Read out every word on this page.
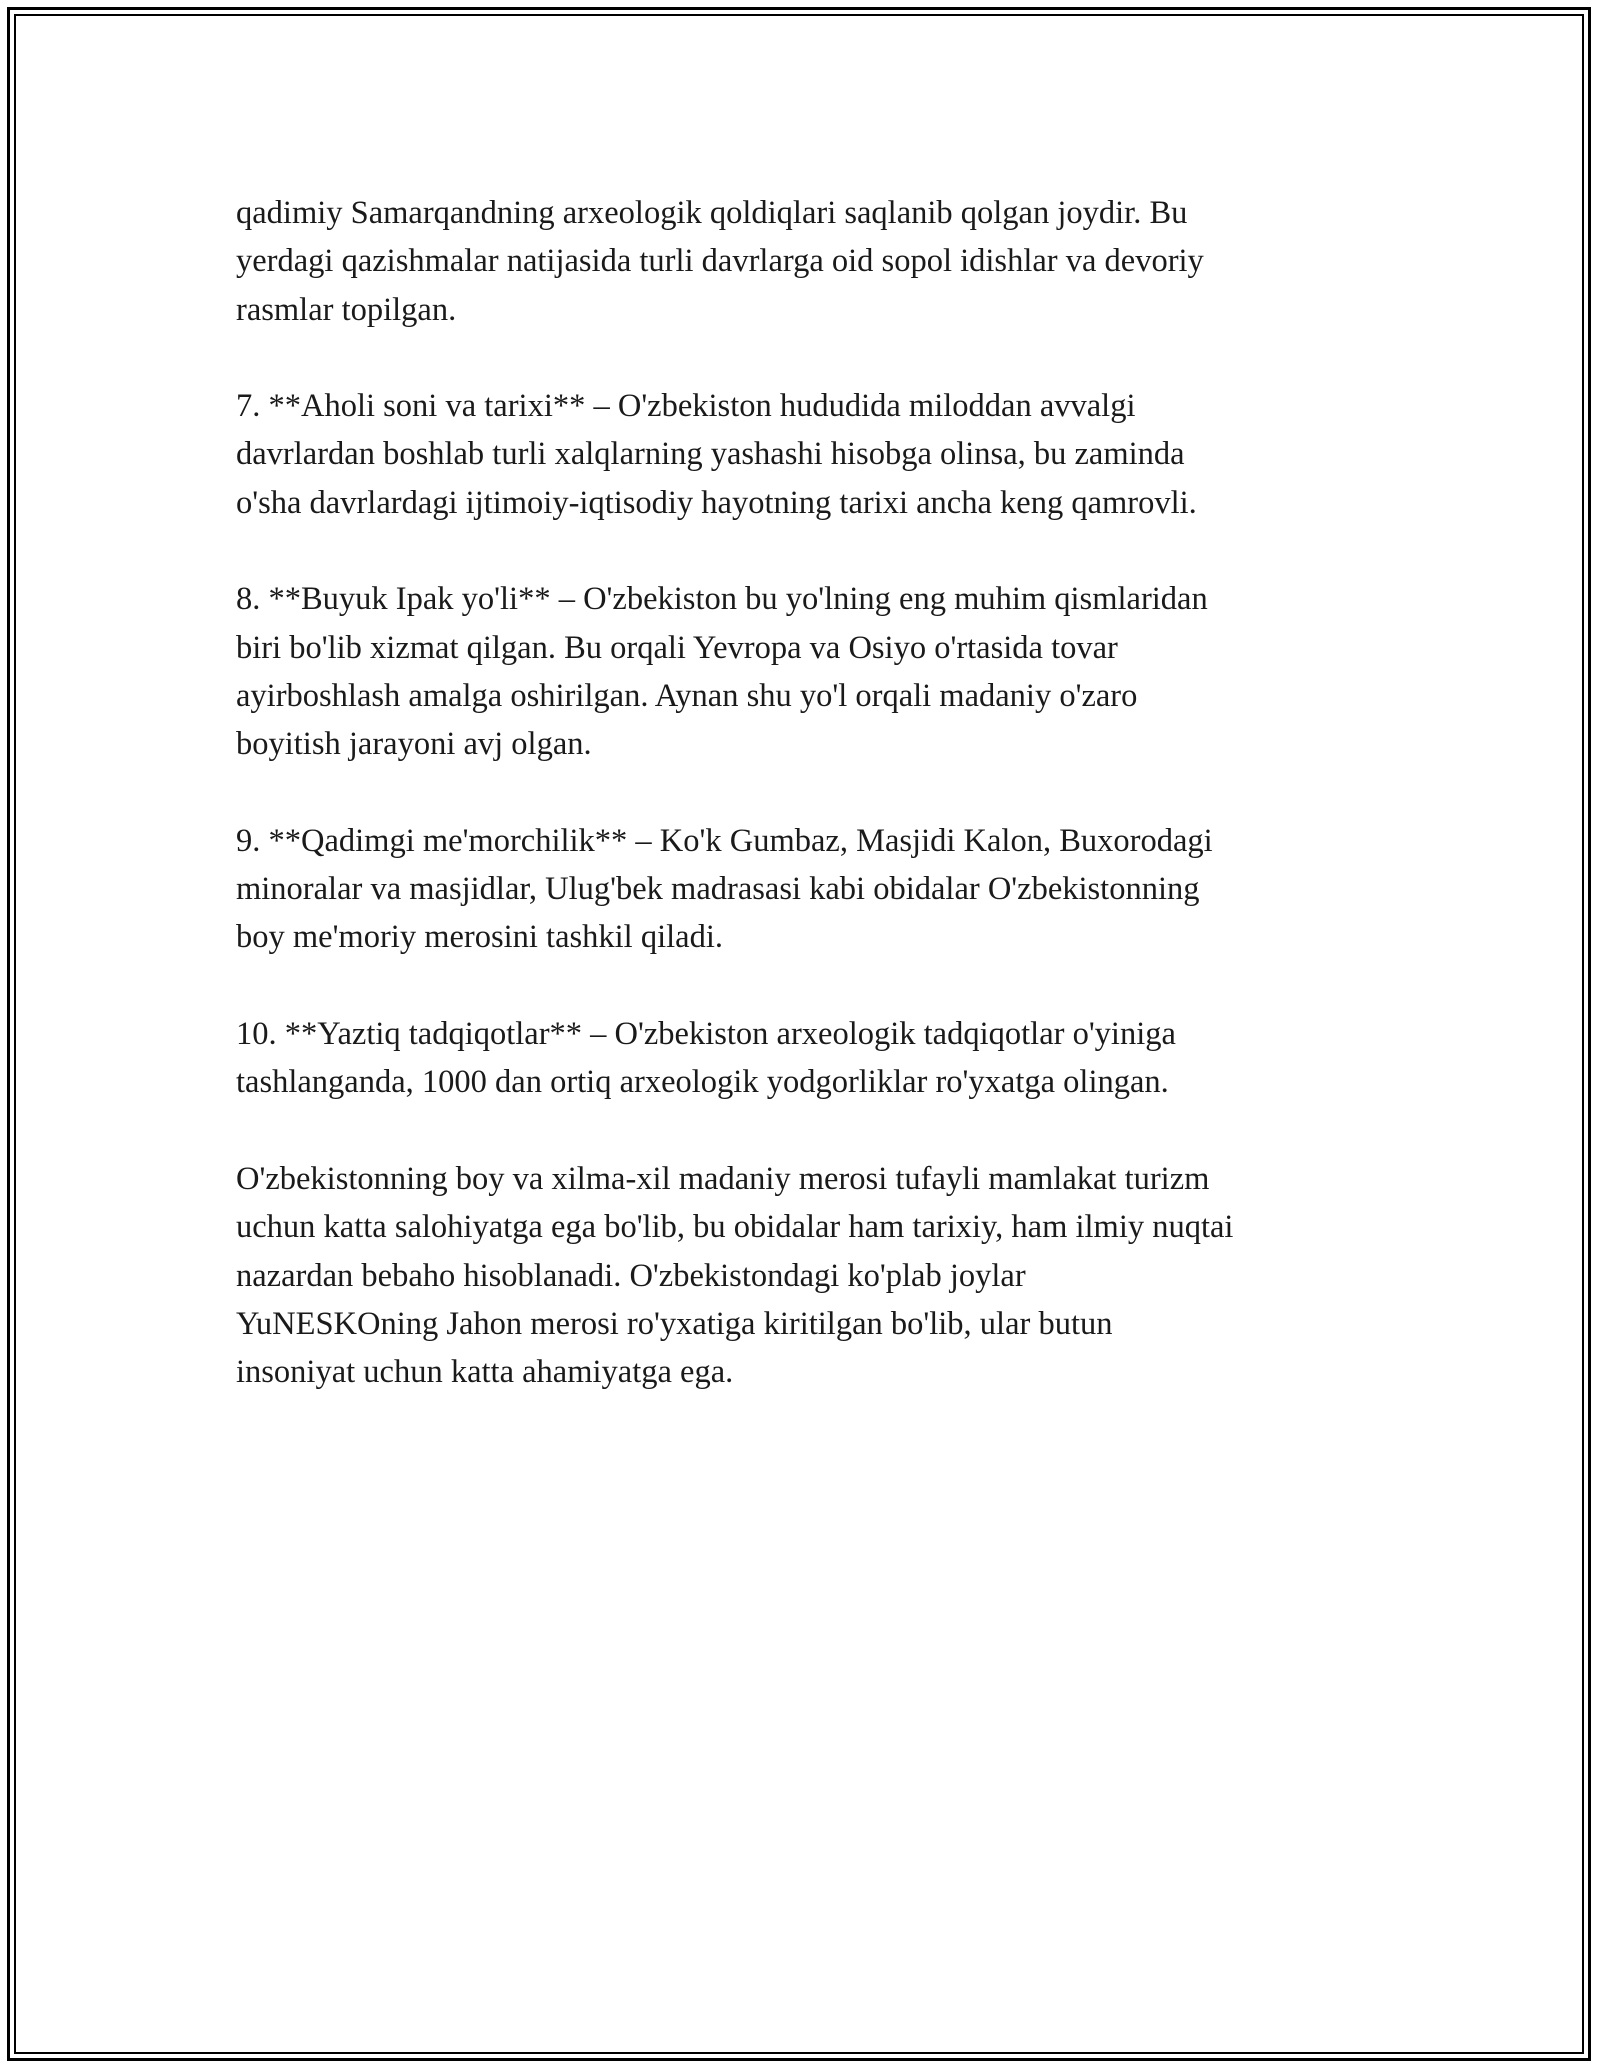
qadimiy Samarqandning arxeologik qoldiqlari saqlanib qolgan joydir. Bu
yerdagi qazishmalar natijasida turli davrlarga oid sopol idishlar va devoriy
rasmlar topilgan.

7. **Aholi soni va tarixi** – O'zbekiston hududida miloddan avvalgi
davrlardan boshlab turli xalqlarning yashashi hisobga olinsa, bu zaminda
o'sha davrlardagi ijtimoiy-iqtisodiy hayotning tarixi ancha keng qamrovli.

8. **Buyuk Ipak yo'li** – O'zbekiston bu yo'lning eng muhim qismlaridan
biri bo'lib xizmat qilgan. Bu orqali Yevropa va Osiyo o'rtasida tovar
ayirboshlash amalga oshirilgan. Aynan shu yo'l orqali madaniy o'zaro
boyitish jarayoni avj olgan.

9. **Qadimgi me'morchilik** – Ko'k Gumbaz, Masjidi Kalon, Buxorodagi
minoralar va masjidlar, Ulug'bek madrasasi kabi obidalar O'zbekistonning
boy me'moriy merosini tashkil qiladi.

10. **Yaztiq tadqiqotlar** – O'zbekiston arxeologik tadqiqotlar o'yiniga
tashlanganda, 1000 dan ortiq arxeologik yodgorliklar ro'yxatga olingan.

O'zbekistonning boy va xilma-xil madaniy merosi tufayli mamlakat turizm
uchun katta salohiyatga ega bo'lib, bu obidalar ham tarixiy, ham ilmiy nuqtai
nazardan bebaho hisoblanadi. O'zbekistondagi ko'plab joylar
YuNESKOning Jahon merosi ro'yxatiga kiritilgan bo'lib, ular butun
insoniyat uchun katta ahamiyatga ega.
